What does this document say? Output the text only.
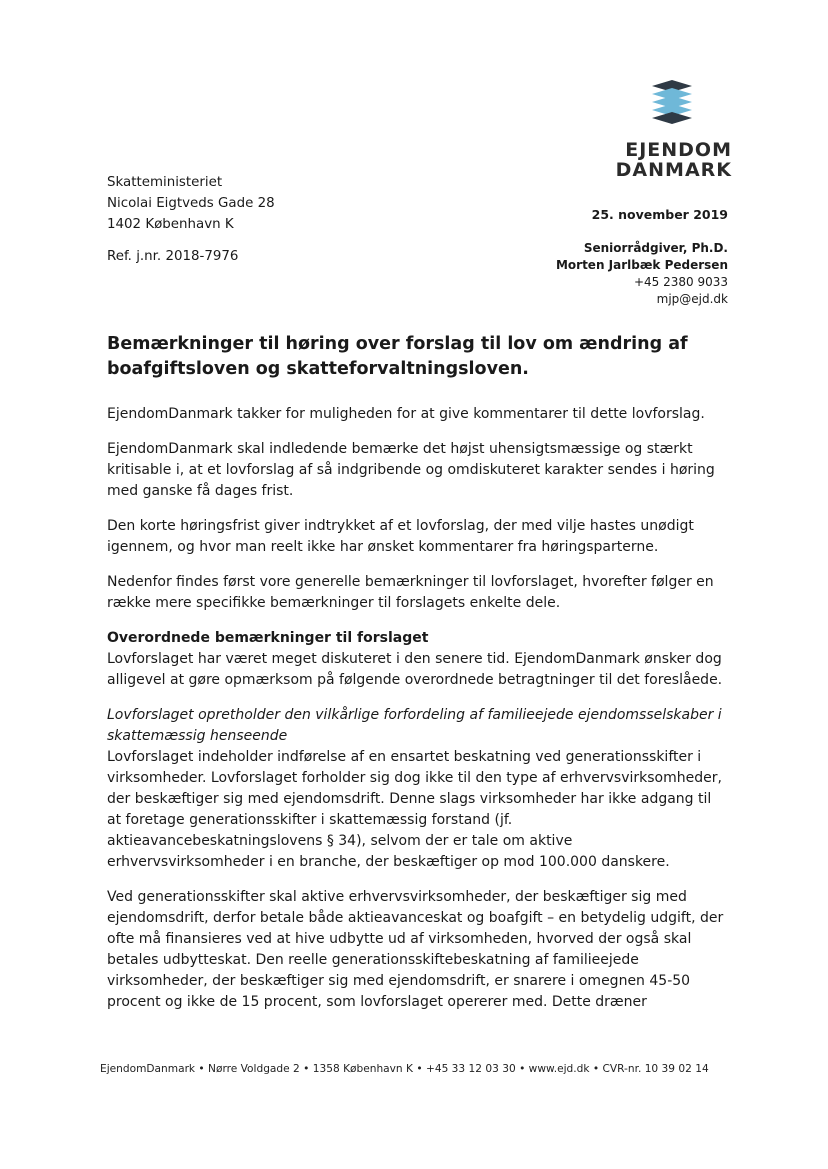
EJENDOM
DANMARK
Skatteministeriet
Nicolai Eigtveds Gade 28
1402 København K
Ref. j.nr. 2018-7976
25. november 2019
Seniorrådgiver, Ph.D.
Morten Jarlbæk Pedersen
+45 2380 9033
mjp@ejd.dk
Bemærkninger til høring over forslag til lov om ændring af boafgiftsloven og skatteforvaltningsloven.

EjendomDanmark takker for muligheden for at give kommentarer til dette lovforslag.

EjendomDanmark skal indledende bemærke det højst uhensigtsmæssige og stærkt kritisable i, at et lovforslag af så indgribende og omdiskuteret karakter sendes i høring med ganske få dages frist.

Den korte høringsfrist giver indtrykket af et lovforslag, der med vilje hastes unødigt igennem, og hvor man reelt ikke har ønsket kommentarer fra høringsparterne.

Nedenfor findes først vore generelle bemærkninger til lovforslaget, hvorefter følger en række mere specifikke bemærkninger til forslagets enkelte dele.

Overordnede bemærkninger til forslaget

Lovforslaget har været meget diskuteret i den senere tid. EjendomDanmark ønsker dog alligevel at gøre opmærksom på følgende overordnede betragtninger til det foreslåede.

Lovforslaget opretholder den vilkårlige forfordeling af familieejede ejendomsselskaber i skattemæssig henseende

Lovforslaget indeholder indførelse af en ensartet beskatning ved generationsskifter i virksomheder. Lovforslaget forholder sig dog ikke til den type af erhvervsvirksomheder, der beskæftiger sig med ejendomsdrift. Denne slags virksomheder har ikke adgang til at foretage generationsskifter i skattemæssig forstand (jf. aktieavancebeskatningslovens § 34), selvom der er tale om aktive erhvervsvirksomheder i en branche, der beskæftiger op mod 100.000 danskere.

Ved generationsskifter skal aktive erhvervsvirksomheder, der beskæftiger sig med ejendomsdrift, derfor betale både aktieavanceskat og boafgift – en betydelig udgift, der ofte må finansieres ved at hive udbytte ud af virksomheden, hvorved der også skal betales udbytteskat. Den reelle generationsskiftebeskatning af familieejede virksomheder, der beskæftiger sig med ejendomsdrift, er snarere i omegnen 45-50 procent og ikke de 15 procent, som lovforslaget opererer med. Dette dræner

EjendomDanmark • Nørre Voldgade 2 • 1358 København K • +45 33 12 03 30 • www.ejd.dk • CVR-nr. 10 39 02 14
